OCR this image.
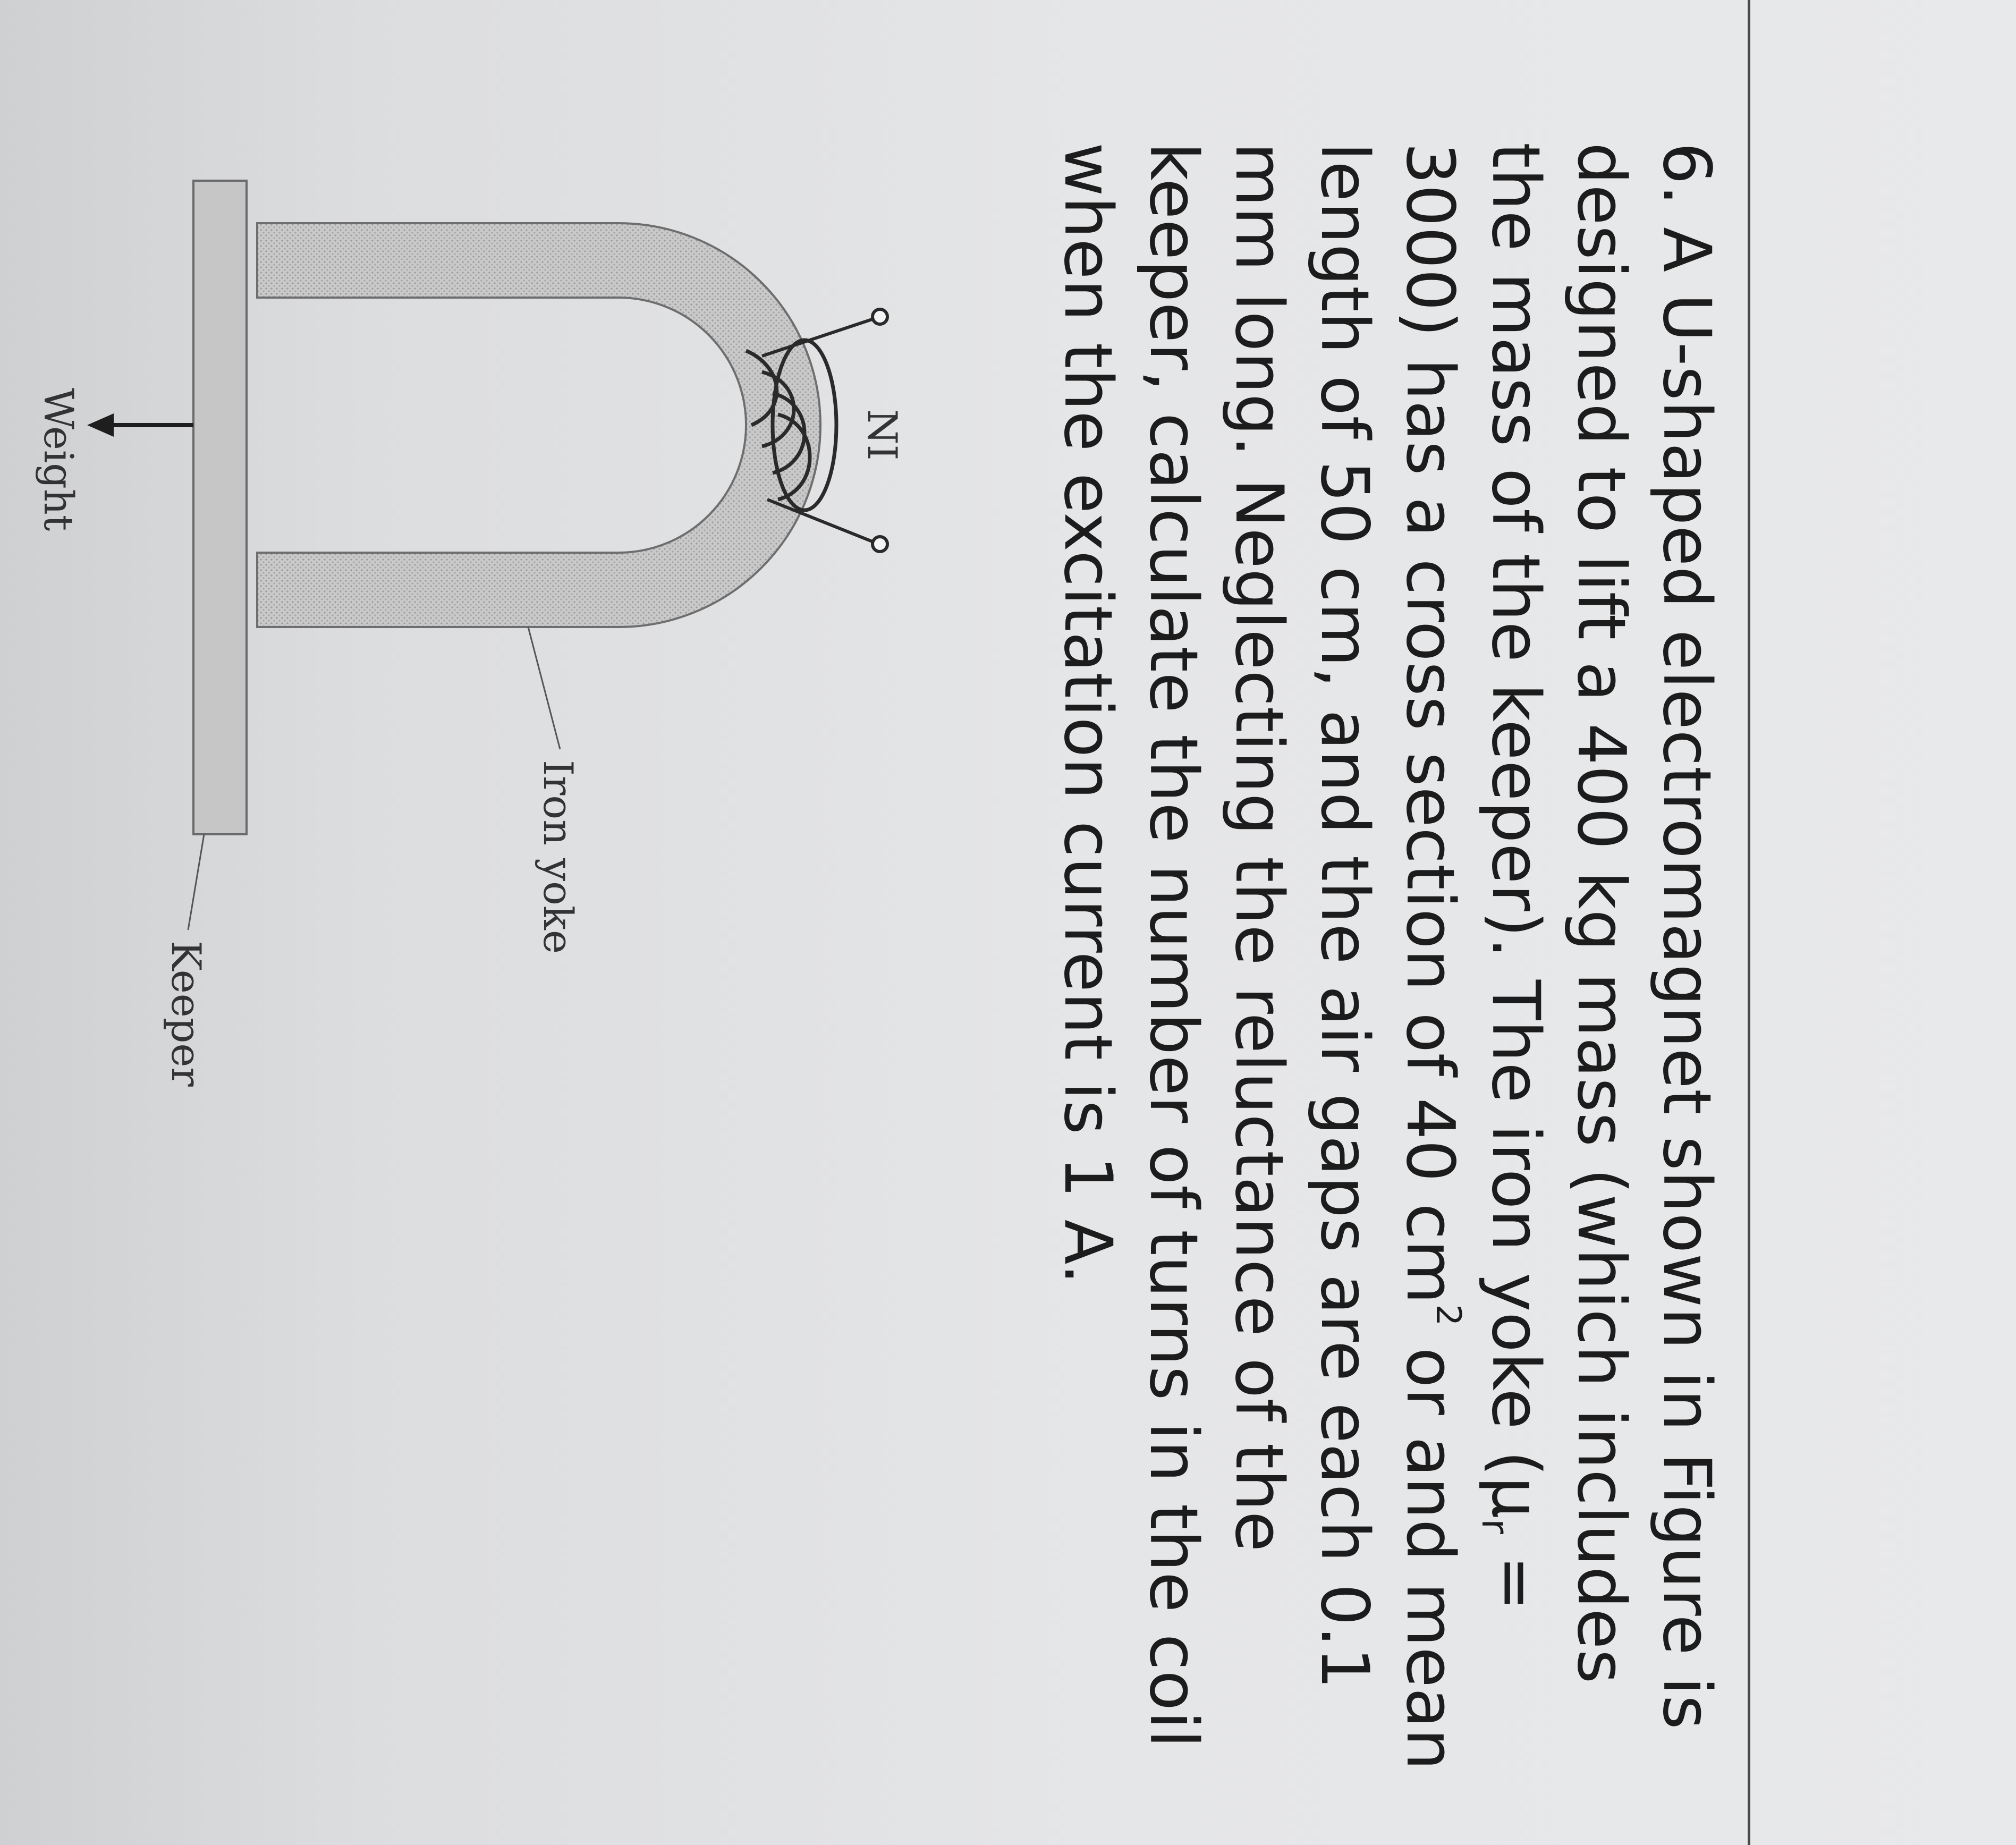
6. A U-shaped electromagnet shown in Figure is
designed to lift a 400 kg mass (which includes
the mass of the keeper). The iron yoke ($\mu_r$ =
3000) has a cross section of 40 $cm^2$ or and mean
length of 50 cm, and the air gaps are each 0.1
mm long. Neglecting the reluctance of the
keeper, calculate the number of turns in the coil
when the excitation current is 1 A.
NI
Iron yoke
Keeper
Weight
